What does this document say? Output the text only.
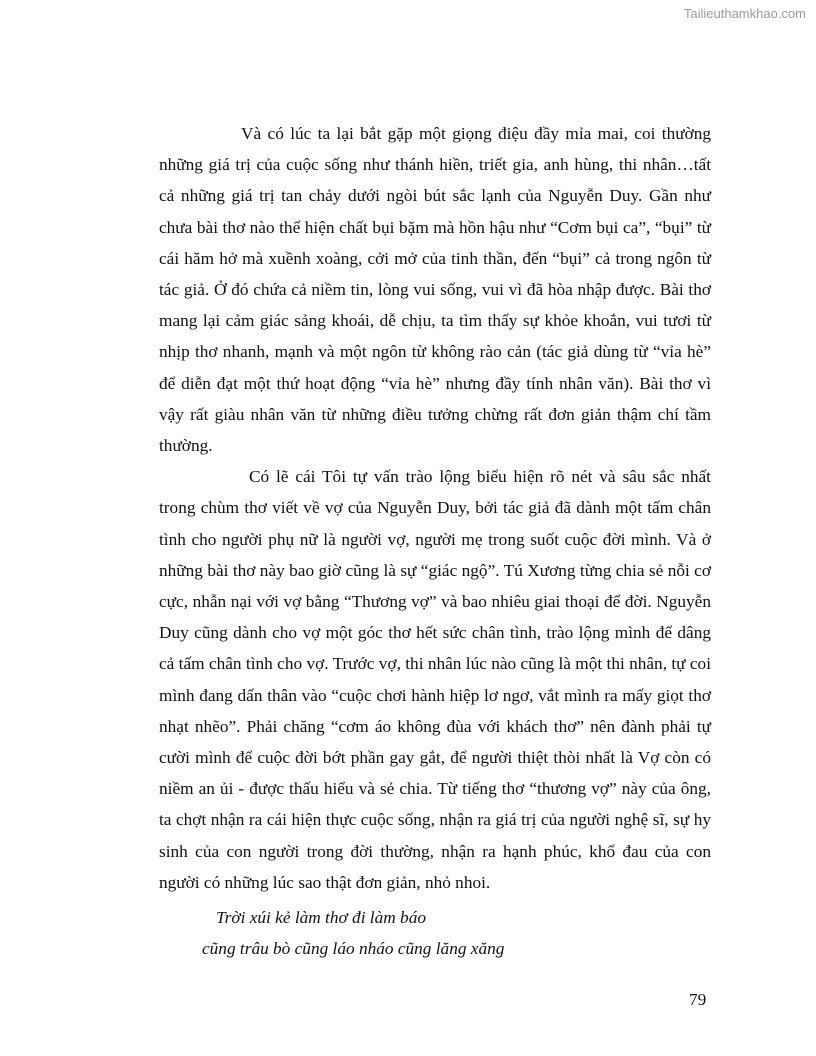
Tailieuthamkhao.com

Và có lúc ta lại bắt gặp một giọng điệu đầy mỉa mai, coi thường những giá trị của cuộc sống như thánh hiền, triết gia, anh hùng, thi nhân…tất cả những giá trị tan chảy dưới ngòi bút sắc lạnh của Nguyễn Duy. Gần như chưa bài thơ nào thể hiện chất bụi bặm mà hồn hậu như “Cơm bụi ca”, “bụi” từ cái hăm hở mà xuềnh xoàng, cởi mở của tinh thần, đến “bụi” cả trong ngôn từ tác giả. Ở đó chứa cả niềm tin, lòng vui sống, vui vì đã hòa nhập được. Bài thơ mang lại cảm giác sảng khoái, dễ chịu, ta tìm thấy sự khỏe khoắn, vui tươi từ nhịp thơ nhanh, mạnh và một ngôn từ không rào cản (tác giả dùng từ “vỉa hè” để diễn đạt một thứ hoạt động “vỉa hè” nhưng đầy tính nhân văn). Bài thơ vì vậy rất giàu nhân văn từ những điều tưởng chừng rất đơn giản thậm chí tầm thường.

Có lẽ cái Tôi tự vấn trào lộng biểu hiện rõ nét và sâu sắc nhất trong chùm thơ viết về vợ của Nguyễn Duy, bởi tác giả đã dành một tấm chân tình cho người phụ nữ là người vợ, người mẹ trong suốt cuộc đời mình. Và ở những bài thơ này bao giờ cũng là sự “giác ngộ”. Tú Xương từng chia sẻ nỗi cơ cực, nhẫn nại với vợ bằng “Thương vợ” và bao nhiêu giai thoại để đời. Nguyễn Duy cũng dành cho vợ một góc thơ hết sức chân tình, trào lộng mình để dâng cả tấm chân tình cho vợ. Trước vợ, thi nhân lúc nào cũng là một thi nhân, tự coi mình đang dấn thân vào “cuộc chơi hành hiệp lơ ngơ, vắt mình ra mấy giọt thơ nhạt nhẽo”. Phải chăng “cơm áo không đùa với khách thơ” nên đành phải tự cười mình để cuộc đời bớt phần gay gắt, để người thiệt thòi nhất là Vợ còn có niềm an ủi - được thấu hiểu và sẻ chia. Từ tiếng thơ “thương vợ” này của ông, ta chợt nhận ra cái hiện thực cuộc sống, nhận ra giá trị của người nghệ sĩ, sự hy sinh của con người trong đời thường, nhận ra hạnh phúc, khổ đau của con người có những lúc sao thật đơn giản, nhỏ nhoi.

Trời xúi kẻ làm thơ đi làm báo
cũng trâu bò cũng láo nháo cũng lăng xăng
79
